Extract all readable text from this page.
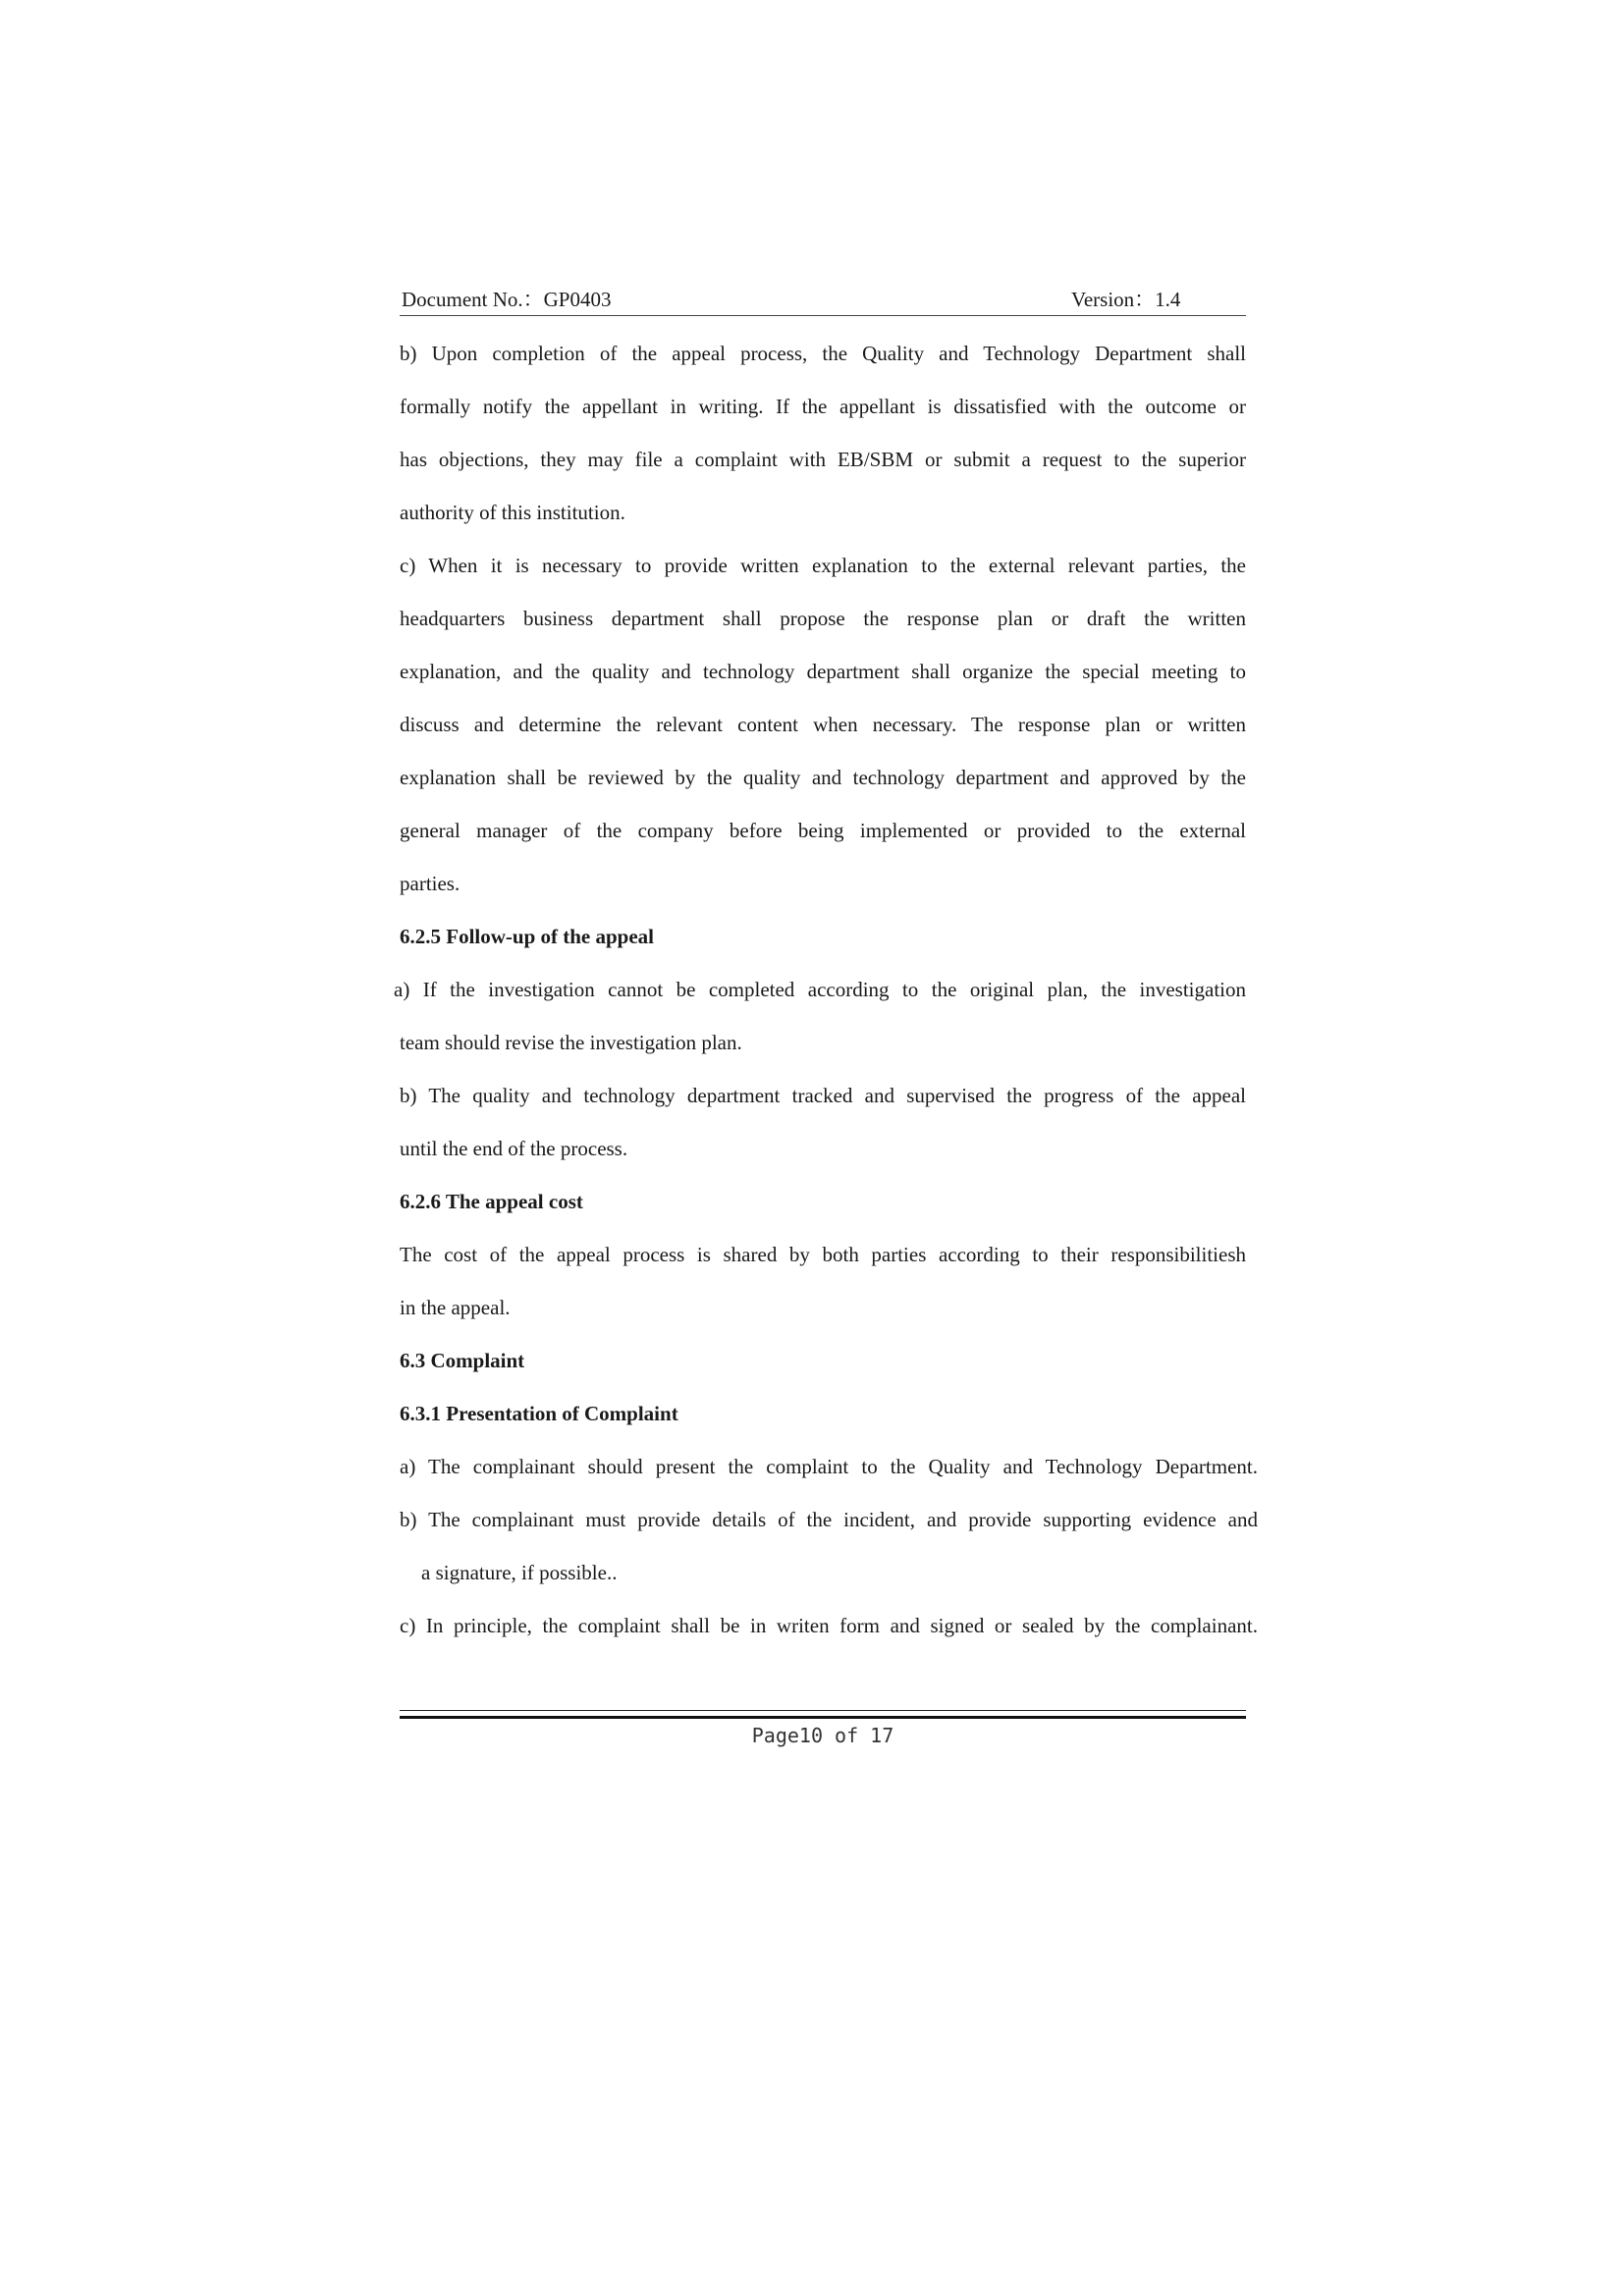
Document No.：GP0403	Version：1.4
b) Upon completion of the appeal process, the Quality and Technology Department shall
formally notify the appellant in writing. If the appellant is dissatisfied with the outcome or
has objections, they may file a complaint with EB/SBM or submit a request to the superior
authority of this institution.
c) When it is necessary to provide written explanation to the external relevant parties, the
headquarters business department shall propose the response plan or draft the written
explanation, and the quality and technology department shall organize the special meeting to
discuss and determine the relevant content when necessary. The response plan or written
explanation shall be reviewed by the quality and technology department and approved by the
general manager of the company before being implemented or provided to the external
parties.
6.2.5 Follow-up of the appeal
a) If the investigation cannot be completed according to the original plan, the investigation
team should revise the investigation plan.
b) The quality and technology department tracked and supervised the progress of the appeal
until the end of the process.
6.2.6 The appeal cost
The cost of the appeal process is shared by both parties according to their responsibilitiesh
in the appeal.
6.3 Complaint
6.3.1 Presentation of Complaint
a) The complainant should present the complaint to the Quality and Technology Department.
b) The complainant must provide details of the incident, and provide supporting evidence and
a signature, if possible..
c) In principle, the complaint shall be in writen form and signed or sealed by the complainant.
Page10 of 17
